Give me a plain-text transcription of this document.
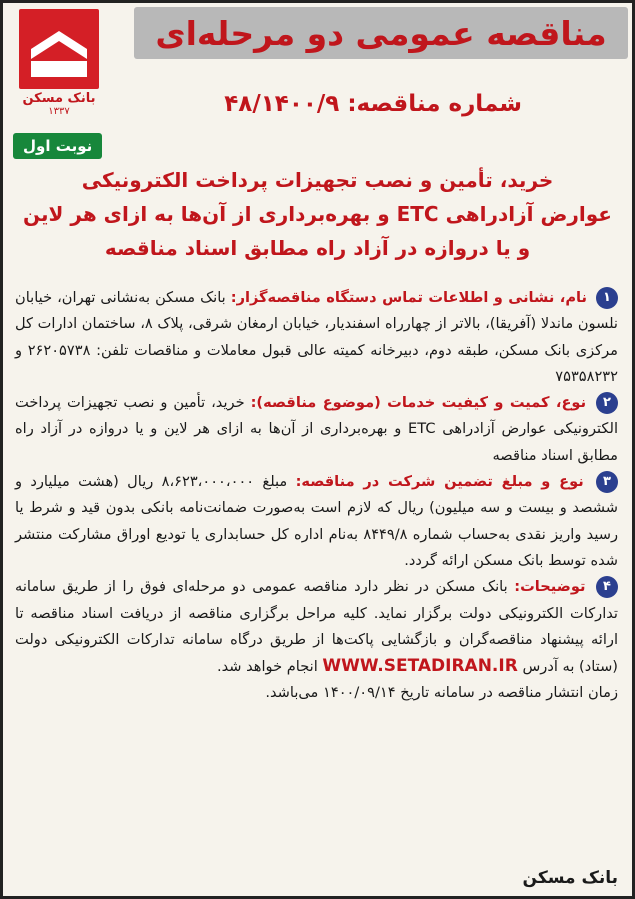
مناقصه عمومی دو مرحله‌ای
شماره مناقصه: ۴۸/۱۴۰۰/۹
بانک مسکن
۱۳۳۷
نوبت اول
خرید، تأمین و نصب تجهیزات پرداخت الکترونیکی
عوارض آزادراهی ETC و بهره‌برداری از آن‌ها به ازای هر لاین
و یا دروازه در آزاد راه مطابق اسناد مناقصه
۱ نام، نشانی و اطلاعات تماس دستگاه مناقصه‌گزار: بانک مسکن به‌نشانی تهران، خیابان نلسون ماندلا (آفریقا)، بالاتر از چهارراه اسفندیار، خیابان ارمغان شرقی، پلاک ۸، ساختمان ادارات کل مرکزی بانک مسکن، طبقه دوم، دبیرخانه کمیته عالی قبول معاملات و مناقصات تلفن: ۲۶۲۰۵۷۳۸ و ۷۵۳۵۸۲۳۲
۲ نوع، کمیت و کیفیت خدمات (موضوع مناقصه): خرید، تأمین و نصب تجهیزات پرداخت الکترونیکی عوارض آزادراهی ETC و بهره‌برداری از آن‌ها به ازای هر لاین و یا دروازه در آزاد راه مطابق اسناد مناقصه
۳ نوع و مبلغ تضمین شرکت در مناقصه: مبلغ ۸،۶۲۳،۰۰۰،۰۰۰ ریال (هشت میلیارد و ششصد و بیست و سه میلیون) ریال که لازم است به‌صورت ضمانت‌نامه بانکی بدون قید و شرط یا رسید واریز نقدی به‌حساب شماره ۸۴۴۹/۸ به‌نام اداره کل حسابداری یا تودیع اوراق مشارکت منتشر شده توسط بانک مسکن ارائه گردد.
۴ توضیحات: بانک مسکن در نظر دارد مناقصه عمومی دو مرحله‌ای فوق را از طریق سامانه تدارکات الکترونیکی دولت برگزار نماید. کلیه مراحل برگزاری مناقصه از دریافت اسناد مناقصه تا ارائه پیشنهاد مناقصه‌گران و بازگشایی پاکت‌ها از طریق درگاه سامانه تدارکات الکترونیکی دولت (ستاد) به آدرس WWW.SETADIRAN.IR انجام خواهد شد.
زمان انتشار مناقصه در سامانه تاریخ ۱۴۰۰/۰۹/۱۴ می‌باشد.
بانک مسکن
